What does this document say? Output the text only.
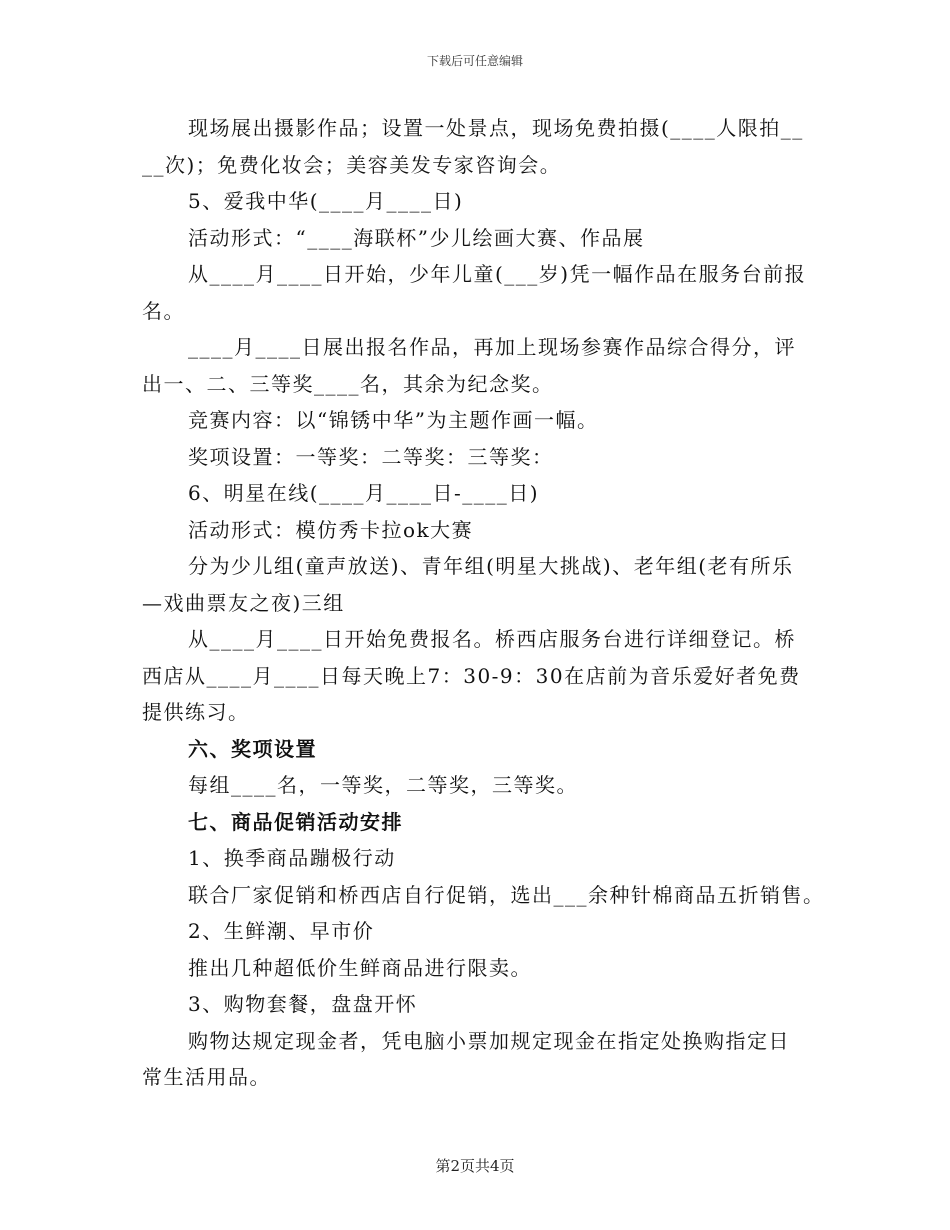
下载后可任意编辑
现场展出摄影作品；设置一处景点，现场免费拍摄(____人限拍__
__次)；免费化妆会；美容美发专家咨询会。
5、爱我中华(____月____日)
活动形式：“____海联杯”少儿绘画大赛、作品展
从____月____日开始，少年儿童(___岁)凭一幅作品在服务台前报
名。
____月____日展出报名作品，再加上现场参赛作品综合得分，评
出一、二、三等奖____名，其余为纪念奖。
竞赛内容：以“锦锈中华”为主题作画一幅。
奖项设置：一等奖：二等奖：三等奖：
6、明星在线(____月____日-____日)
活动形式：模仿秀卡拉ok大赛
分为少儿组(童声放送)、青年组(明星大挑战)、老年组(老有所乐
—戏曲票友之夜)三组
从____月____日开始免费报名。桥西店服务台进行详细登记。桥
西店从____月____日每天晚上7：30-9：30在店前为音乐爱好者免费
提供练习。
六、奖项设置
每组____名，一等奖，二等奖，三等奖。
七、商品促销活动安排
1、换季商品蹦极行动
联合厂家促销和桥西店自行促销，选出___余种针棉商品五折销售。
2、生鲜潮、早市价
推出几种超低价生鲜商品进行限卖。
3、购物套餐，盘盘开怀
购物达规定现金者，凭电脑小票加规定现金在指定处换购指定日
常生活用品。
第2页共4页
